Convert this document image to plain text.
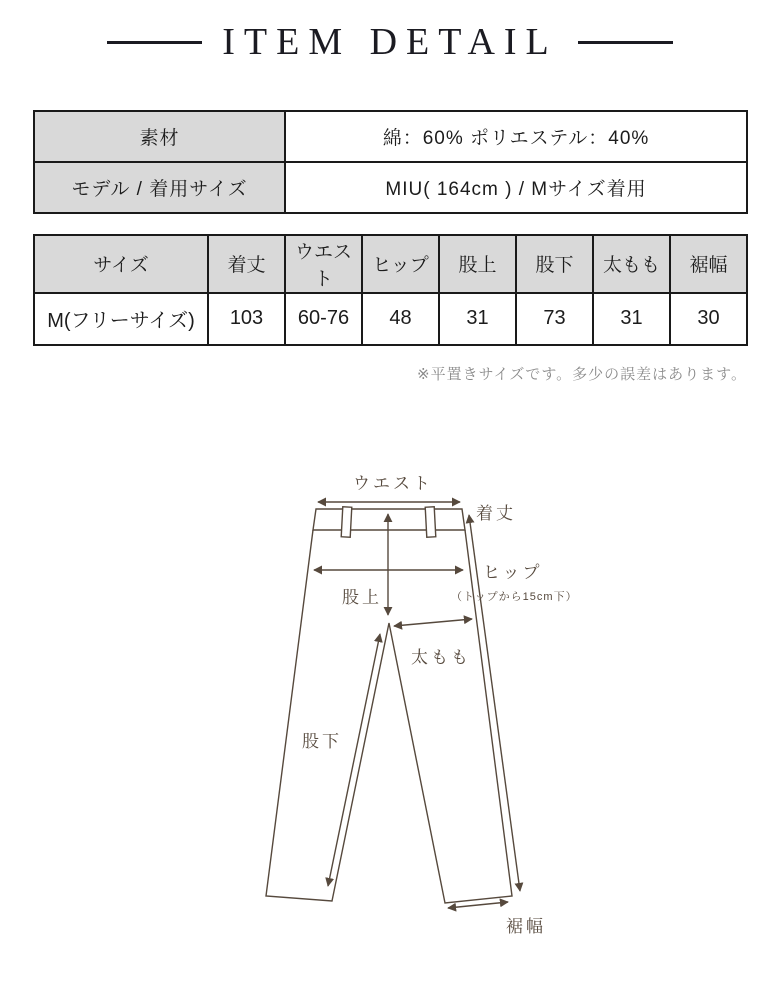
ITEM DETAIL
素材	綿：60% ポリエステル：40%
モデル / 着用サイズ	MIU( 164cm ) / Mサイズ着用
サイズ	着丈	ウエスト	ヒップ	股上	股下	太もも	裾幅
M(フリーサイズ)	103	60-76	48	31	73	31	30
※平置きサイズです。多少の誤差はあります。
ウエスト
着丈
ヒップ
（トップから15cm下）
股上
太もも
股下
裾幅
